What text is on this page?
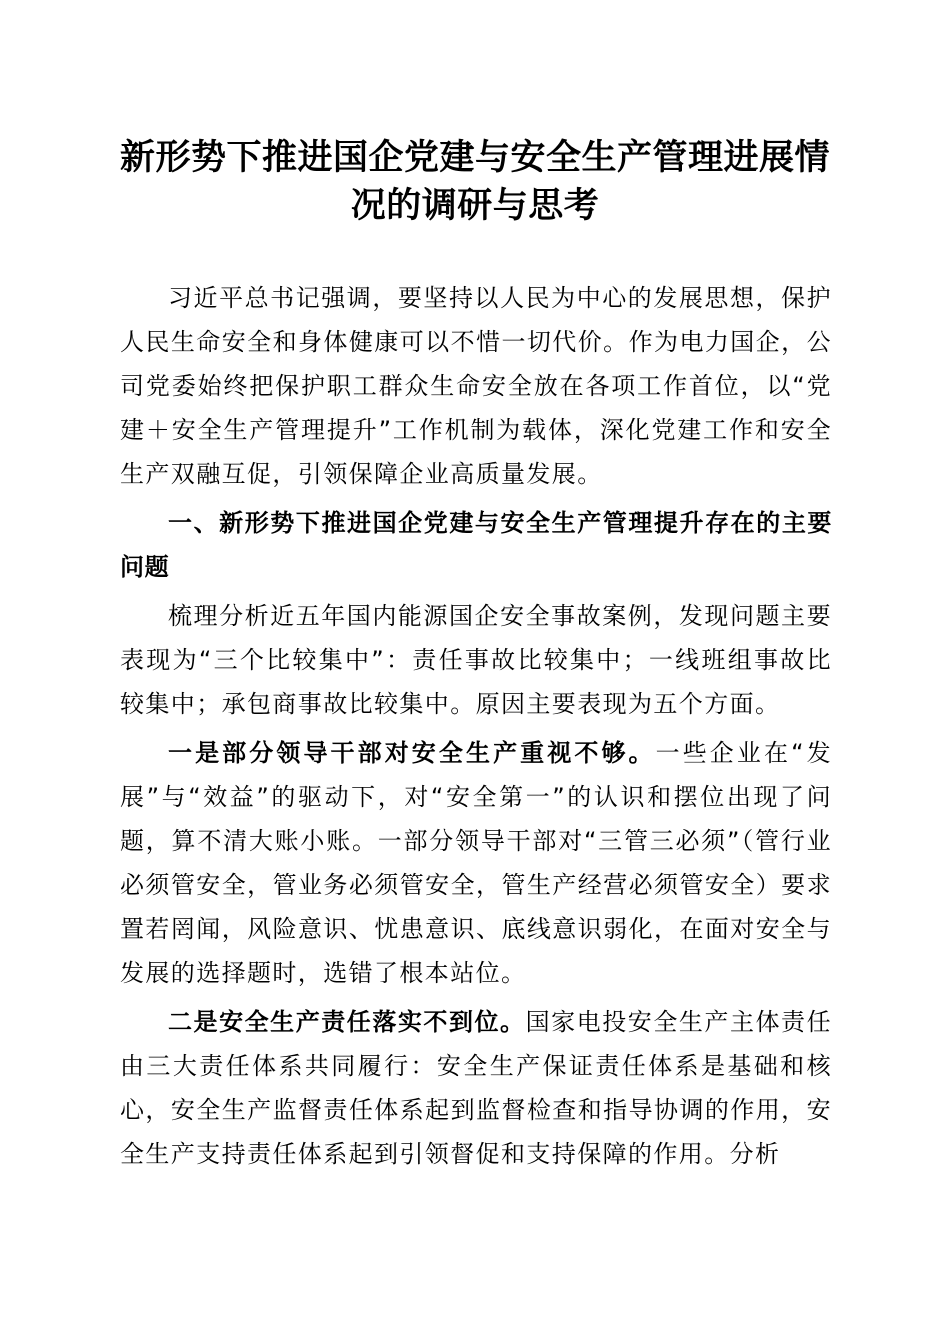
新形势下推进国企党建与安全生产管理进展情况的调研与思考

习近平总书记强调，要坚持以人民为中心的发展思想，保护人民生命安全和身体健康可以不惜一切代价。作为电力国企，公司党委始终把保护职工群众生命安全放在各项工作首位，以“党建＋安全生产管理提升”工作机制为载体，深化党建工作和安全生产双融互促，引领保障企业高质量发展。

一、新形势下推进国企党建与安全生产管理提升存在的主要问题

梳理分析近五年国内能源国企安全事故案例，发现问题主要表现为“三个比较集中”：责任事故比较集中；一线班组事故比较集中；承包商事故比较集中。原因主要表现为五个方面。

一是部分领导干部对安全生产重视不够。一些企业在“发展”与“效益”的驱动下，对“安全第一”的认识和摆位出现了问题，算不清大账小账。一部分领导干部对“三管三必须”（管行业必须管安全，管业务必须管安全，管生产经营必须管安全）要求置若罔闻，风险意识、忧患意识、底线意识弱化，在面对安全与发展的选择题时，选错了根本站位。

二是安全生产责任落实不到位。国家电投安全生产主体责任由三大责任体系共同履行：安全生产保证责任体系是基础和核心，安全生产监督责任体系起到监督检查和指导协调的作用，安全生产支持责任体系起到引领督促和支持保障的作用。分析
